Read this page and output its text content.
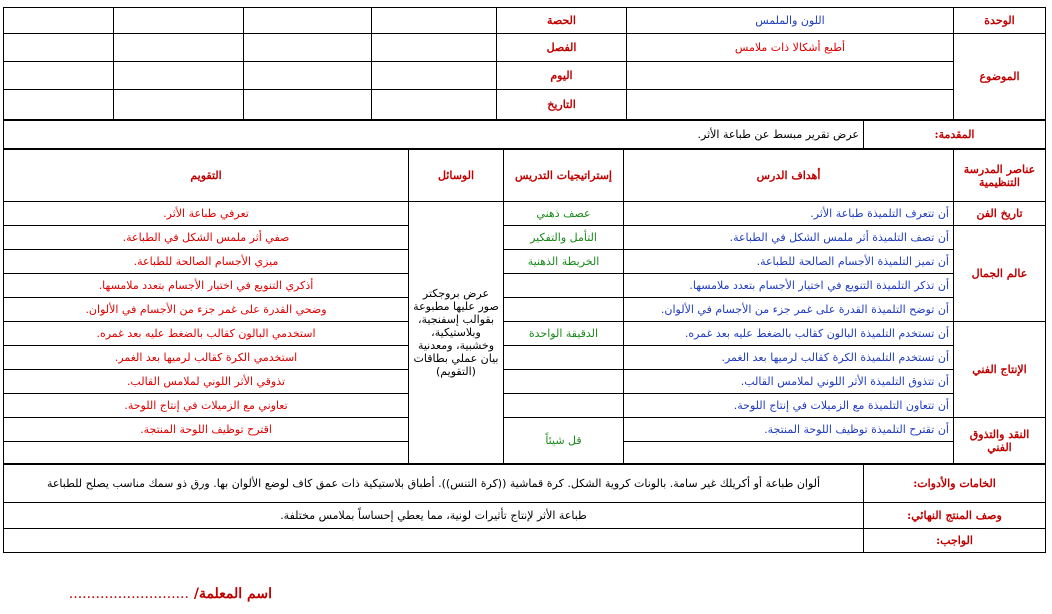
الوحدة	اللون والملمس	الحصة				
الموضوع	أطبع أشكالا ذات ملامس	الفصل				
		اليوم				
		التاريخ				
المقدمة:	عرض تقرير مبسط عن طباعة الأثر.
عناصر المدرسة التنظيمية	أهداف الدرس	إستراتيجيات التدريس	الوسائل	التقويم
تاريخ الفن	أن تتعرف التلميذة طباعة الأثر.	عصف ذهني	عرض بروجكتر صور عليها مطبوعة بقوالب إسفنجية، وبلاستيكية، وخشبية، ومعدنية بيان عملي بطاقات (التقويم)	تعرفي طباعة الأثر.
عالم الجمال	أن تصف التلميذة أثر ملمس الشكل في الطباعة.	التأمل والتفكير		صفي أثر ملمس الشكل في الطباعة.
	أن تميز التلميذة الأجسام الصالحة للطباعة.	الخريطة الذهنية		ميزي الأجسام الصالحة للطباعة.
	أن تذكر التلميذة التنويع في اختيار الأجسام بتعدد ملامسها.			أذكري التنويع في اختيار الأجسام بتعدد ملامسها.
	أن توضح التلميذة القدرة على غمر جزء من الأجسام في الألوان.			وضحي القدرة على غمر جزء من الأجسام في الألوان.
الإنتاج الفني	أن تستخدم التلميذة البالون كقالب بالضغط عليه بعد غمره.	الدقيقة الواحدة		استخدمي البالون كقالب بالضغط عليه بعد غمره.
	أن تستخدم التلميذة الكرة كقالب لرميها بعد الغمر.			استخدمي الكرة كقالب لرميها بعد الغمر.
	أن تتذوق التلميذة الأثر اللوني لملامس القالب.			تذوقي الأثر اللوني لملامس القالب.
	أن تتعاون التلميذة مع الزميلات في إنتاج اللوحة.			تعاوني مع الزميلات في إنتاج اللوحة.
النقد والتذوق الفني	أن تقترح التلميذة توظيف اللوحة المنتجة.	قل شيئاً		اقترح توظيف اللوحة المنتجة.

الخامات والأدوات:	ألوان طباعة أو أكريلك غير سامة. بالونات كروية الشكل. كرة قماشية ((كرة التنس)). أطباق بلاستيكية ذات عمق كاف لوضع الألوان بها. ورق ذو سمك مناسب يصلح للطباعة
وصف المنتج النهائي:	طباعة الأثر لإنتاج تأثيرات لونية، مما يعطي إحساساً بملامس مختلفة.
الواجب:	
اسم المعلمة/ ...........................
